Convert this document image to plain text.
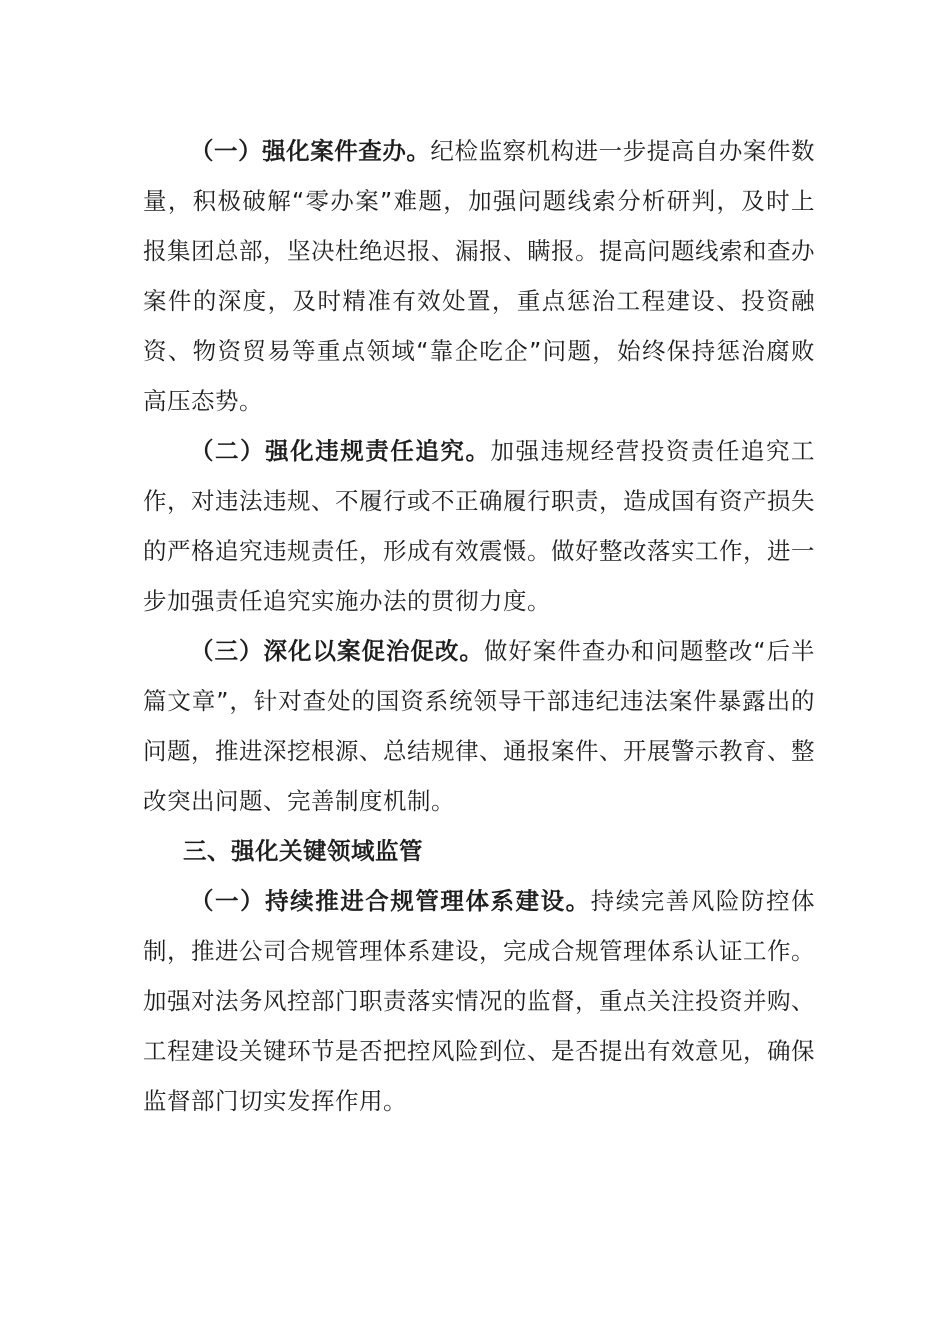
（一）强化案件查办。纪检监察机构进一步提高自办案件数量，积极破解“零办案”难题，加强问题线索分析研判，及时上报集团总部，坚决杜绝迟报、漏报、瞒报。提高问题线索和查办案件的深度，及时精准有效处置，重点惩治工程建设、投资融资、物资贸易等重点领域“靠企吃企”问题，始终保持惩治腐败高压态势。

（二）强化违规责任追究。加强违规经营投资责任追究工作，对违法违规、不履行或不正确履行职责，造成国有资产损失的严格追究违规责任，形成有效震慑。做好整改落实工作，进一步加强责任追究实施办法的贯彻力度。

（三）深化以案促治促改。做好案件查办和问题整改“后半篇文章”，针对查处的国资系统领导干部违纪违法案件暴露出的问题，推进深挖根源、总结规律、通报案件、开展警示教育、整改突出问题、完善制度机制。

三、强化关键领域监管

（一）持续推进合规管理体系建设。持续完善风险防控体制，推进公司合规管理体系建设，完成合规管理体系认证工作。加强对法务风控部门职责落实情况的监督，重点关注投资并购、工程建设关键环节是否把控风险到位、是否提出有效意见，确保监督部门切实发挥作用。
